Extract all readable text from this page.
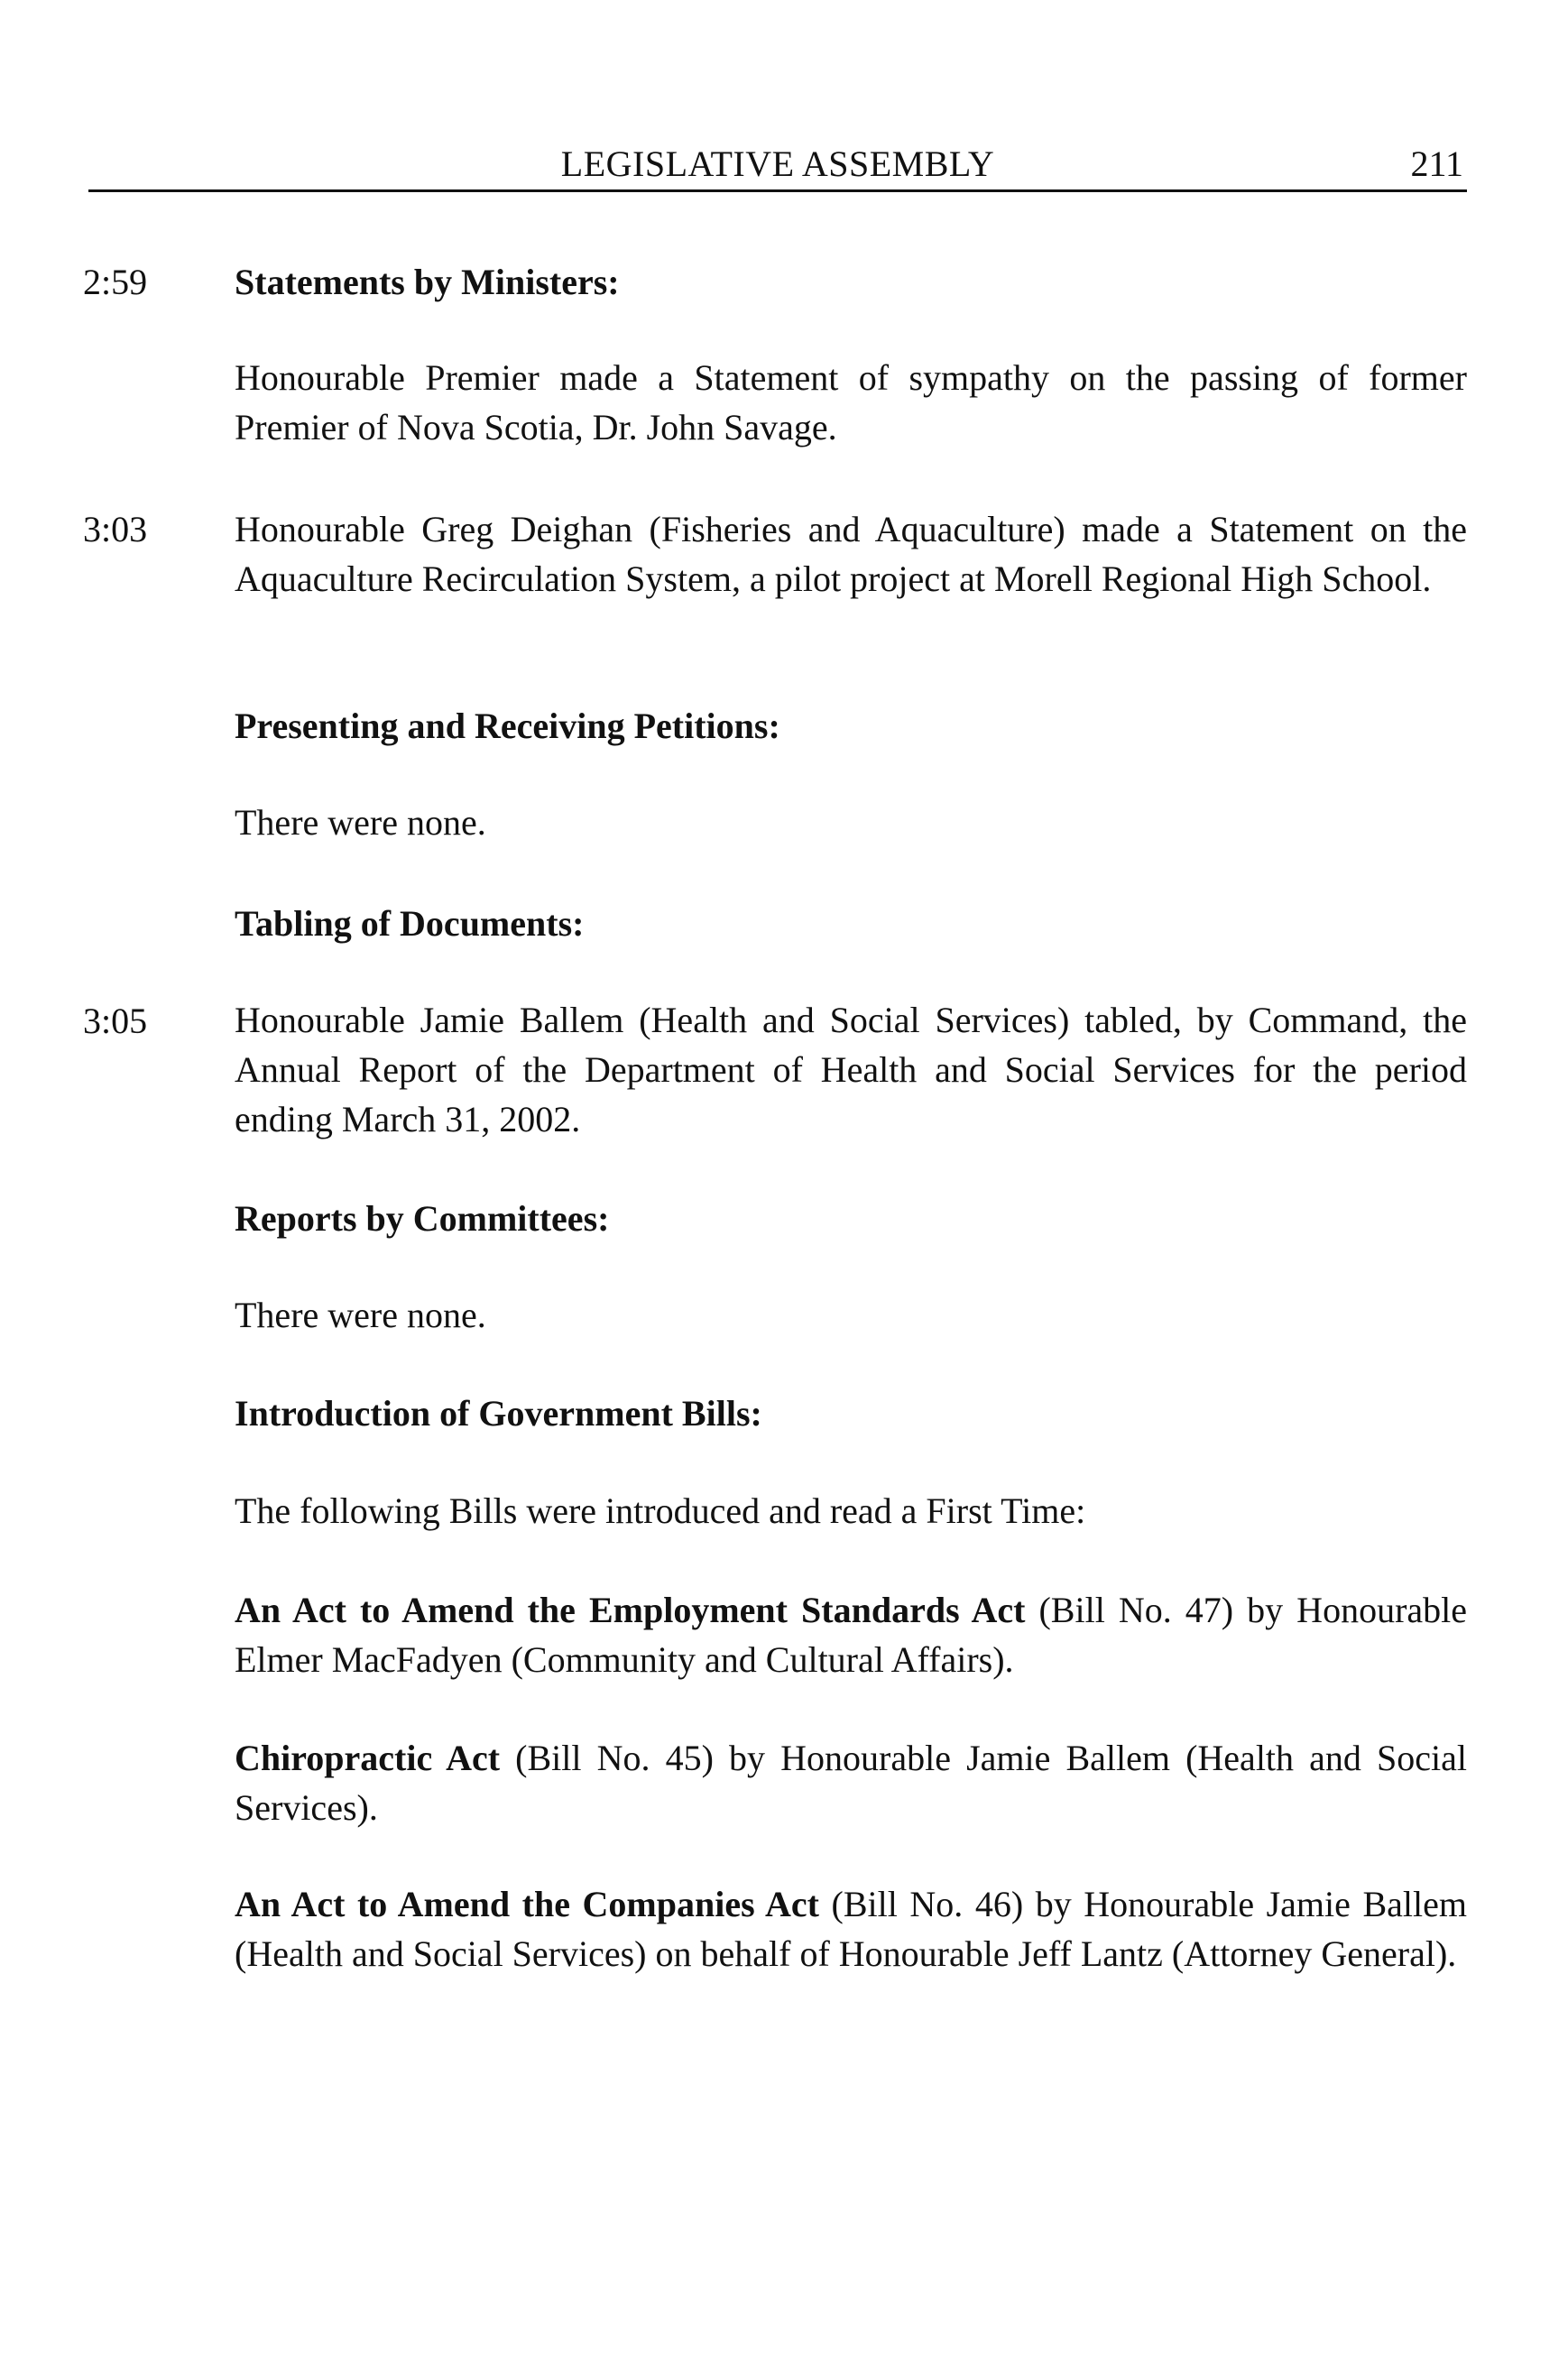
LEGISLATIVE ASSEMBLY	211
2:59 Statements by Ministers:
Honourable Premier made a Statement of sympathy on the passing of former Premier of Nova Scotia, Dr. John Savage.
3:03 Honourable Greg Deighan (Fisheries and Aquaculture) made a Statement on the Aquaculture Recirculation System, a pilot project at Morell Regional High School.
Presenting and Receiving Petitions:
There were none.
Tabling of Documents:
3:05 Honourable Jamie Ballem (Health and Social Services) tabled, by Command, the Annual Report of the Department of Health and Social Services for the period ending March 31, 2002.
Reports by Committees:
There were none.
Introduction of Government Bills:
The following Bills were introduced and read a First Time:
An Act to Amend the Employment Standards Act (Bill No. 47) by Honourable Elmer MacFadyen (Community and Cultural Affairs).
Chiropractic Act (Bill No. 45) by Honourable Jamie Ballem (Health and Social Services).
An Act to Amend the Companies Act (Bill No. 46) by Honourable Jamie Ballem (Health and Social Services) on behalf of Honourable Jeff Lantz (Attorney General).
